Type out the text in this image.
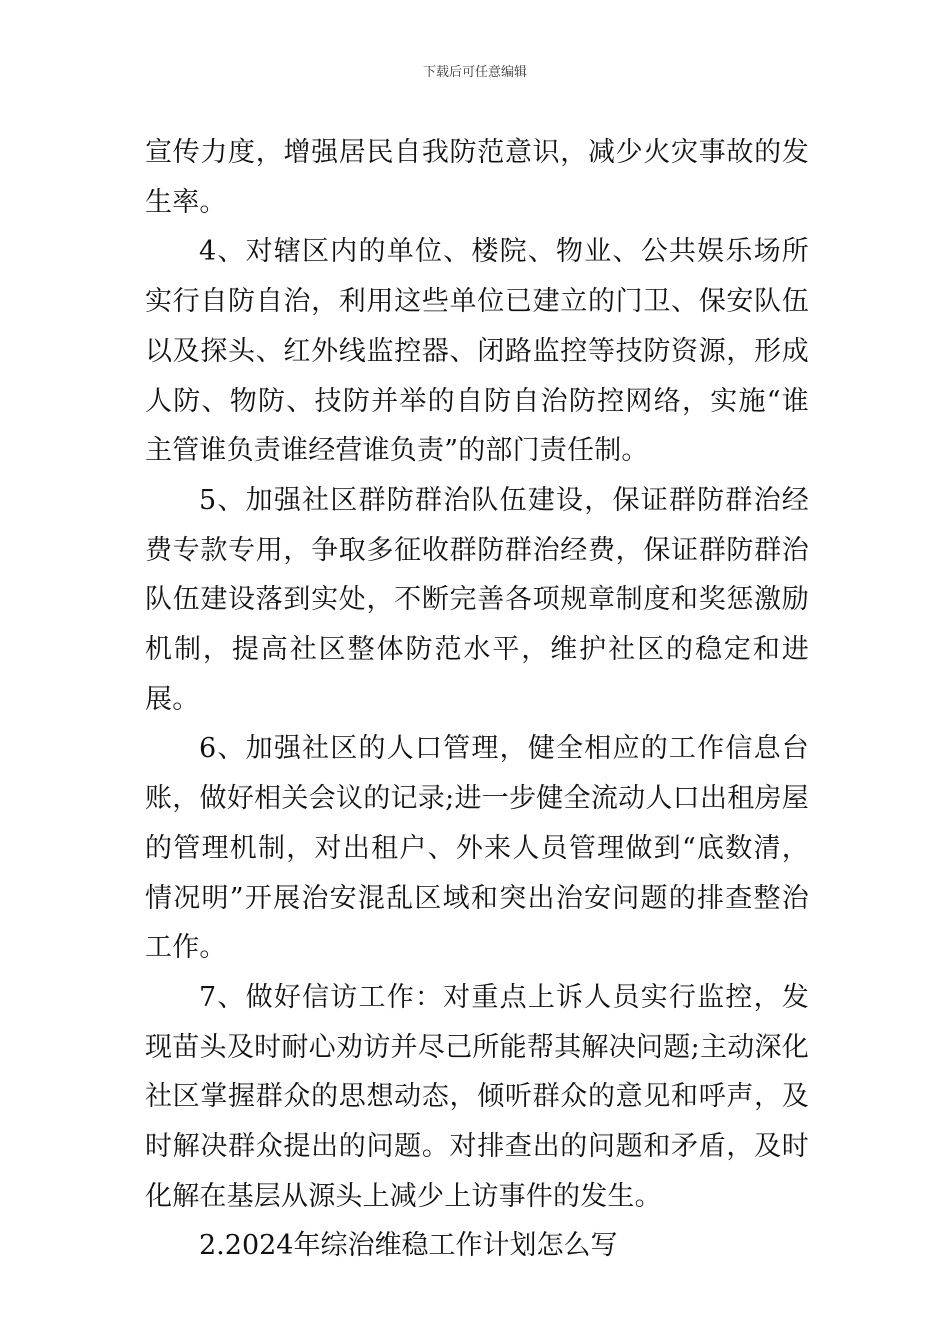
下载后可任意编辑

宣传力度，增强居民自我防范意识，减少火灾事故的发生率。

4、对辖区内的单位、楼院、物业、公共娱乐场所实行自防自治，利用这些单位已建立的门卫、保安队伍以及探头、红外线监控器、闭路监控等技防资源，形成人防、物防、技防并举的自防自治防控网络，实施“谁主管谁负责谁经营谁负责”的部门责任制。

5、加强社区群防群治队伍建设，保证群防群治经费专款专用，争取多征收群防群治经费，保证群防群治队伍建设落到实处，不断完善各项规章制度和奖惩激励机制，提高社区整体防范水平，维护社区的稳定和进展。

6、加强社区的人口管理，健全相应的工作信息台账，做好相关会议的记录;进一步健全流动人口出租房屋的管理机制，对出租户、外来人员管理做到“底数清，情况明”开展治安混乱区域和突出治安问题的排查整治工作。

7、做好信访工作：对重点上诉人员实行监控，发现苗头及时耐心劝访并尽己所能帮其解决问题;主动深化社区掌握群众的思想动态，倾听群众的意见和呼声，及时解决群众提出的问题。对排查出的问题和矛盾，及时化解在基层从源头上减少上访事件的发生。

2.2024年综治维稳工作计划怎么写
